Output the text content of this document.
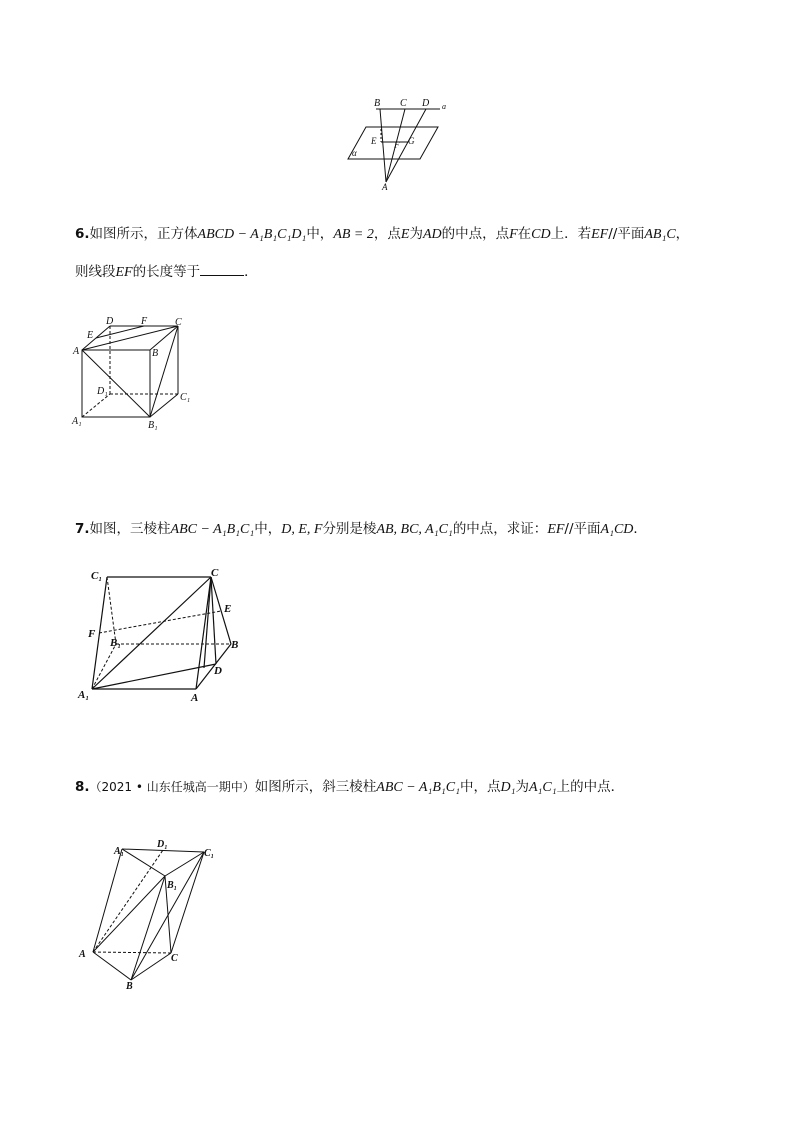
B C D a
E F G
α
A
6.如图所示，正方体ABCD − A₁B₁C₁D₁中，AB = 2，点E为AD的中点，点F在CD上．若EF//平面AB₁C，
则线段EF的长度等于	．
D	F	C
E
A	B
D₁
C₁
A₁	B₁
7.如图，三棱柱ABC − A₁B₁C₁中，D, E, F分别是棱AB, BC, A₁C₁的中点，求证：EF//平面A₁CD．
C₁	C
E
F
B₁	B
D
A₁	A
8.（2021 • 山东任城高一期中）如图所示，斜三棱柱ABC − A₁B₁C₁中，点D₁为A₁C₁上的中点．
A₁
D₁
C₁
B₁
A	C
B
